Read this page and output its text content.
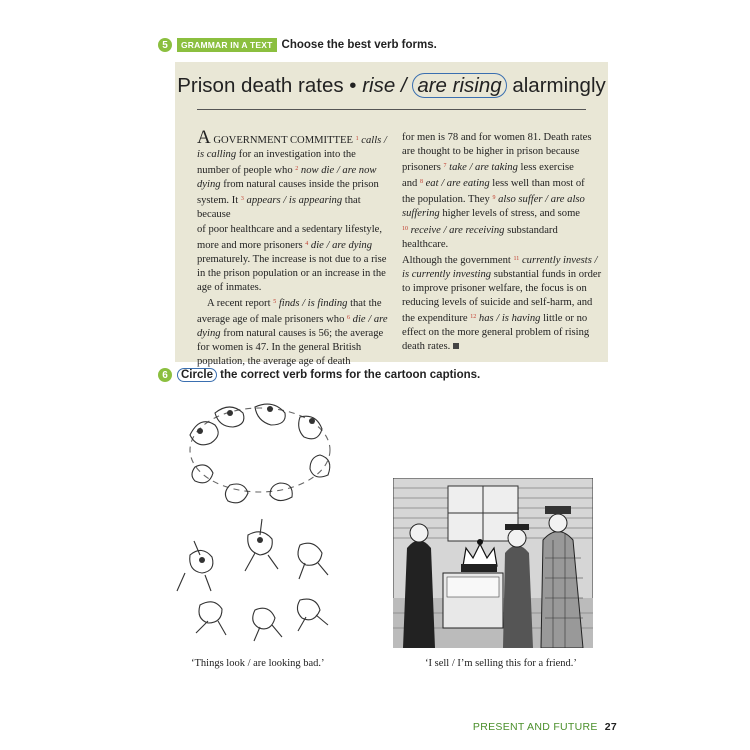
5	GRAMMAR IN A TEXT Choose the best verb forms.
Prison death rates • rise / are rising alarmingly

A GOVERNMENT COMMITTEE $^1$ calls /
is calling for an investigation into the
number of people who $^2$ now die / are now
dying from natural causes inside the prison
system. It $^3$ appears / is appearing that because
of poor healthcare and a sedentary lifestyle,
more and more prisoners $^4$ die / are dying
prematurely. The increase is not due to a rise
in the prison population or an increase in the
age of inmates.

A recent report $^5$ finds / is finding that the
average age of male prisoners who $^6$ die / are
dying from natural causes is 56; the average
for women is 47. In the general British
population, the average age of death

for men is 78 and for women 81. Death rates
are thought to be higher in prison because
prisoners $^7$ take / are taking less exercise
and $^8$ eat / are eating less well than most of
the population. They $^9$ also suffer / are also
suffering higher levels of stress, and some
$^{10}$ receive / are receiving substandard healthcare.
Although the government $^{11}$ currently invests /
is currently investing substantial funds in order
to improve prisoner welfare, the focus is on
reducing levels of suicide and self-harm, and
the expenditure $^{12}$ has / is having little or no
effect on the more general problem of rising
death rates.

6	Circle the correct verb forms for the cartoon captions.
‘Things look / are looking bad.’	‘I sell / I’m selling this for a friend.’
PRESENT AND FUTURE 27
